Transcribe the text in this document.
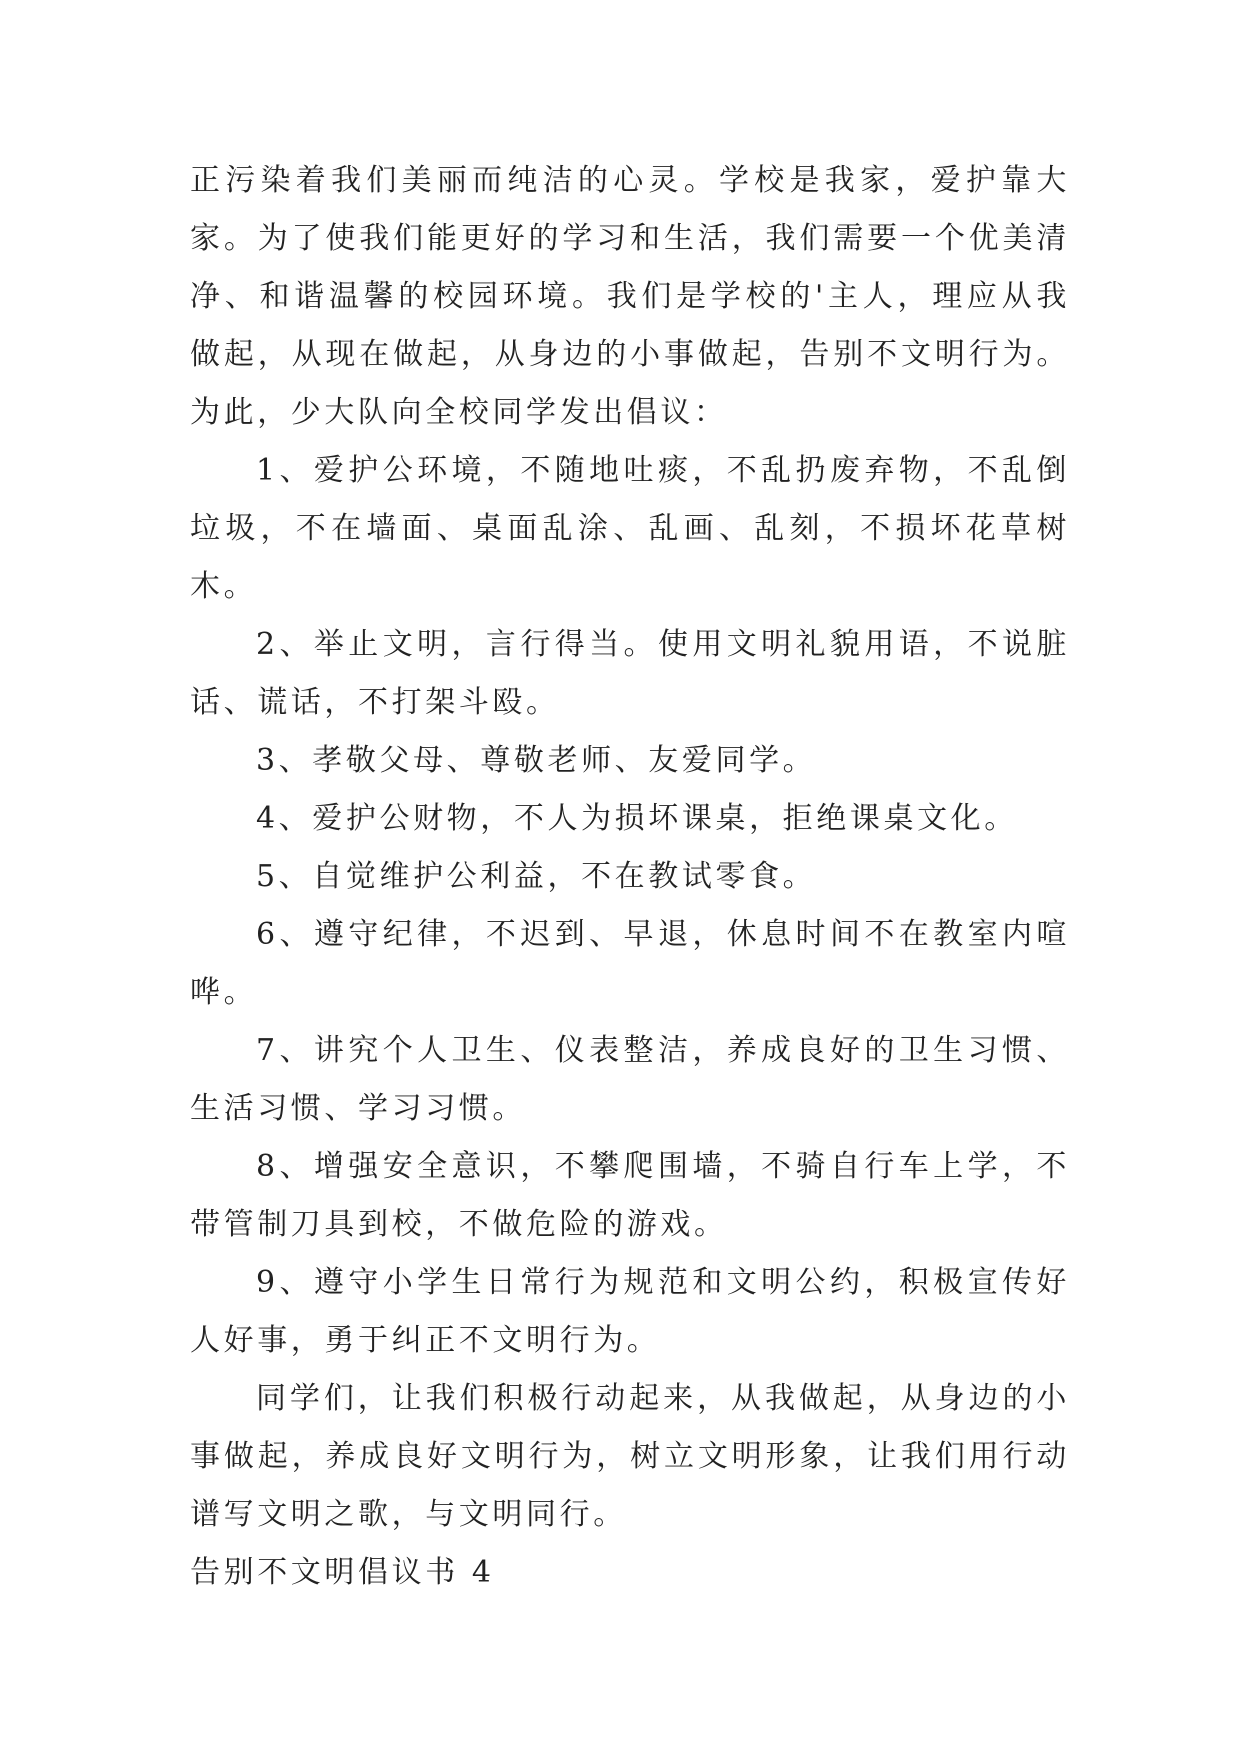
正污染着我们美丽而纯洁的心灵。学校是我家，爱护靠大家。为了使我们能更好的学习和生活，我们需要一个优美清净、和谐温馨的校园环境。我们是学校的'主人，理应从我做起，从现在做起，从身边的小事做起，告别不文明行为。为此，少大队向全校同学发出倡议：

1、爱护公环境，不随地吐痰，不乱扔废弃物，不乱倒垃圾，不在墙面、桌面乱涂、乱画、乱刻，不损坏花草树木。

2、举止文明，言行得当。使用文明礼貌用语，不说脏话、谎话，不打架斗殴。

3、孝敬父母、尊敬老师、友爱同学。

4、爱护公财物，不人为损坏课桌，拒绝课桌文化。

5、自觉维护公利益，不在教试零食。

6、遵守纪律，不迟到、早退，休息时间不在教室内喧哗。

7、讲究个人卫生、仪表整洁，养成良好的卫生习惯、生活习惯、学习习惯。

8、增强安全意识，不攀爬围墙，不骑自行车上学，不带管制刀具到校，不做危险的游戏。

9、遵守小学生日常行为规范和文明公约，积极宣传好人好事，勇于纠正不文明行为。

同学们，让我们积极行动起来，从我做起，从身边的小事做起，养成良好文明行为，树立文明形象，让我们用行动谱写文明之歌，与文明同行。

告别不文明倡议书 4
